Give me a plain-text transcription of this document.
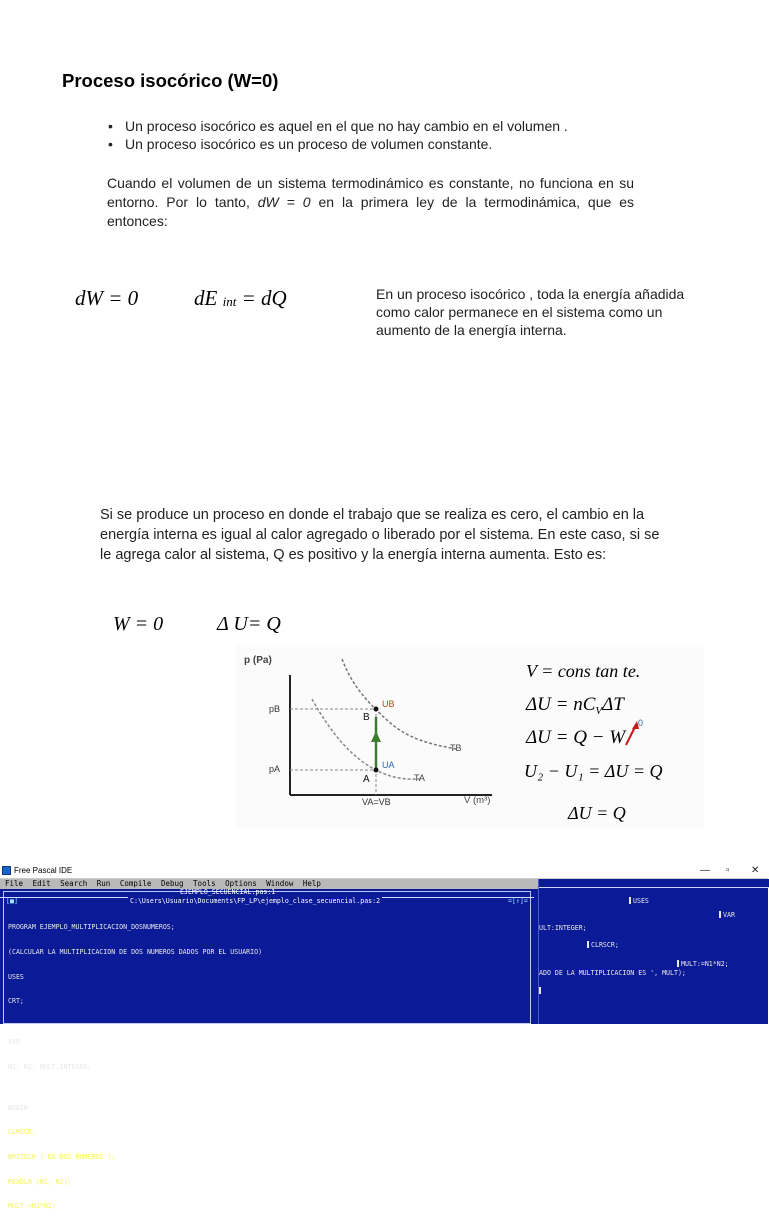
Proceso isocórico (W=0)
• Un proceso isocórico es aquel en el que no hay cambio en el volumen .
• Un proceso isocórico es un proceso de volumen constante.
Cuando el volumen de un sistema termodinámico es constante, no funciona en su entorno. Por lo tanto, dW = 0 en la primera ley de la termodinámica, que es entonces:
dW = 0	dE $_{int}$ = dQ	En un proceso isocórico , toda la energía añadida como calor permanece en el sistema como un aumento de la energía interna.
Si se produce un proceso en donde el trabajo que se realiza es cero, el cambio en la energía interna es igual al calor agregado o liberado por el sistema. En este caso, si se le agrega calor al sistema, Q es positivo y la energía interna aumenta. Esto es:
W = 0	Δ U= Q
p (Pa)
V (m³)
pB
pA
B
A
UB
UA
TB
TA
VA=VB
V = cons tan te.
$\Delta U = nC_V\Delta T$
ΔU = Q − W
0
U₂ − U₁ = ΔU = Q
ΔU = Q
Free Pascal IDE	— ▫ ✕
File Edit Search Run Compile Debug Tools Options Window Help
EJEMPLO_SECUENCIAL.pas:1
C:\Users\Usuario\Documents\FP_LP\ejemplo_clase_secuencial.pas:2
[■]	=[↑]=

PROGRAM EJEMPLO_MULTIPLICACION_DOSNUMEROS;

(CALCULAR LA MULTIPLICACION DE DOS NUMEROS DADOS POR EL USUARIO)

USES

CRT;

VAR

N1, N2, MULT:INTEGER;

BEGIN

CLRSCR;

WRITELN ('DA DOS NUMEROS');

READLN (N1, N2);

MULT:=N1*N2;

USES
VAR
ULT:INTEGER;
CLRSCR;
MULT:=N1*N2;
ADO DE LA MULTIPLICACION ES ', MULT);
